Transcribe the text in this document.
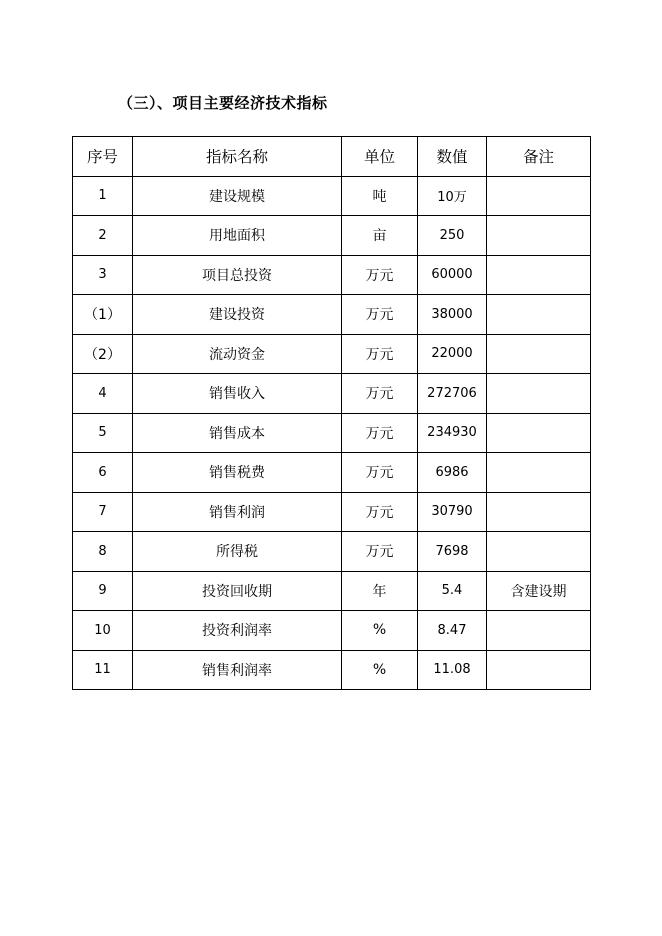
（三）、项目主要经济技术指标
序号	指标名称	单位	数值	备注
1	建设规模	吨	10万	
2	用地面积	亩	250	
3	项目总投资	万元	60000	
（1）	建设投资	万元	38000	
（2）	流动资金	万元	22000	
4	销售收入	万元	272706	
5	销售成本	万元	234930	
6	销售税费	万元	6986	
7	销售利润	万元	30790	
8	所得税	万元	7698	
9	投资回收期	年	5.4	含建设期
10	投资利润率	%	8.47	
11	销售利润率	%	11.08	
